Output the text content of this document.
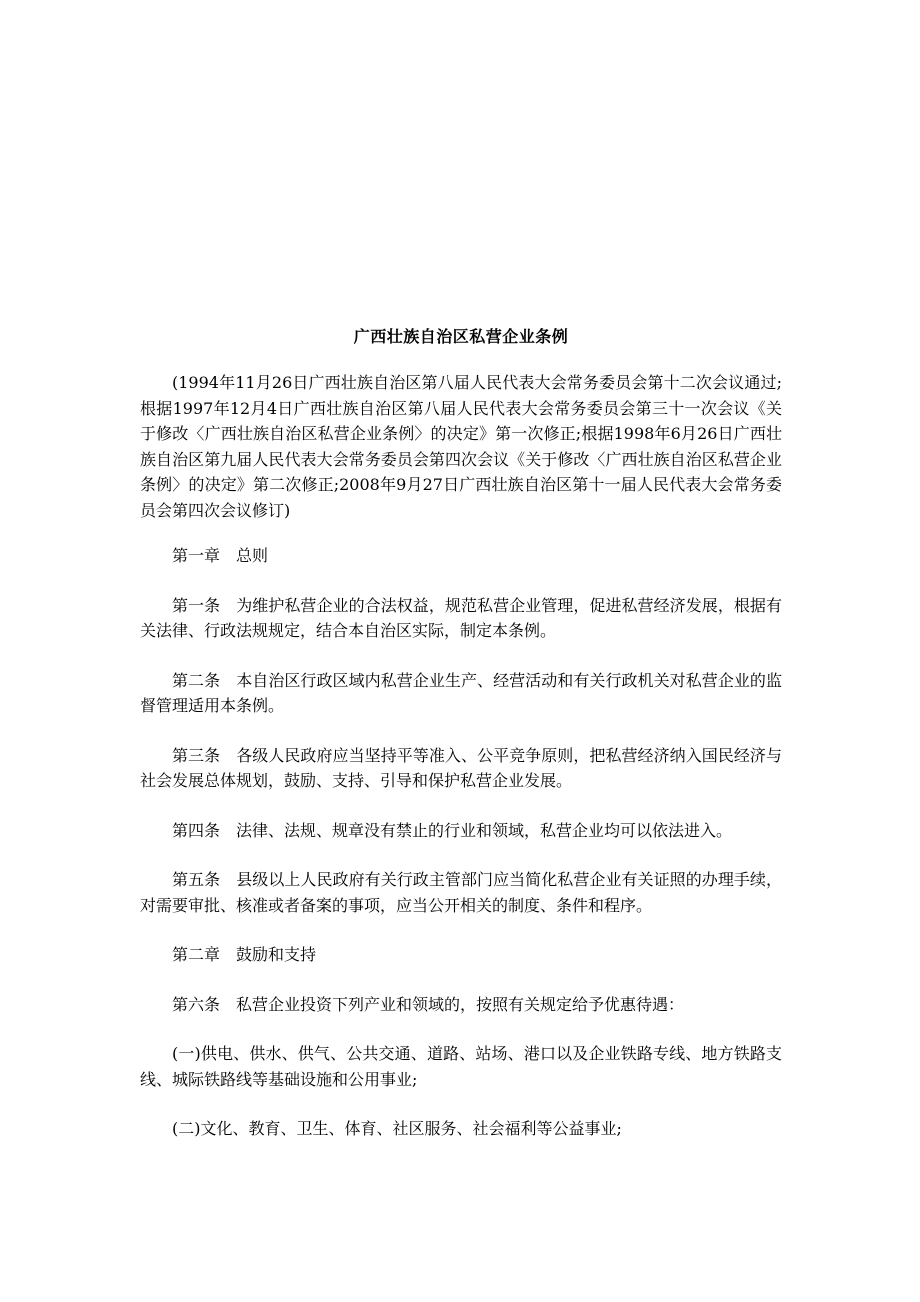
广西壮族自治区私营企业条例

(1994年11月26日广西壮族自治区第八届人民代表大会常务委员会第十二次会议通过;根据1997年12月4日广西壮族自治区第八届人民代表大会常务委员会第三十一次会议《关于修改〈广西壮族自治区私营企业条例〉的决定》第一次修正;根据1998年6月26日广西壮族自治区第九届人民代表大会常务委员会第四次会议《关于修改〈广西壮族自治区私营企业条例〉的决定》第二次修正;2008年9月27日广西壮族自治区第十一届人民代表大会常务委员会第四次会议修订)

第一章　总则

第一条　为维护私营企业的合法权益，规范私营企业管理，促进私营经济发展，根据有关法律、行政法规规定，结合本自治区实际，制定本条例。

第二条　本自治区行政区域内私营企业生产、经营活动和有关行政机关对私营企业的监督管理适用本条例。

第三条　各级人民政府应当坚持平等准入、公平竞争原则，把私营经济纳入国民经济与社会发展总体规划，鼓励、支持、引导和保护私营企业发展。

第四条　法律、法规、规章没有禁止的行业和领域，私营企业均可以依法进入。

第五条　县级以上人民政府有关行政主管部门应当简化私营企业有关证照的办理手续，对需要审批、核准或者备案的事项，应当公开相关的制度、条件和程序。

第二章　鼓励和支持

第六条　私营企业投资下列产业和领域的，按照有关规定给予优惠待遇：

(一)供电、供水、供气、公共交通、道路、站场、港口以及企业铁路专线、地方铁路支线、城际铁路线等基础设施和公用事业;

(二)文化、教育、卫生、体育、社区服务、社会福利等公益事业;
